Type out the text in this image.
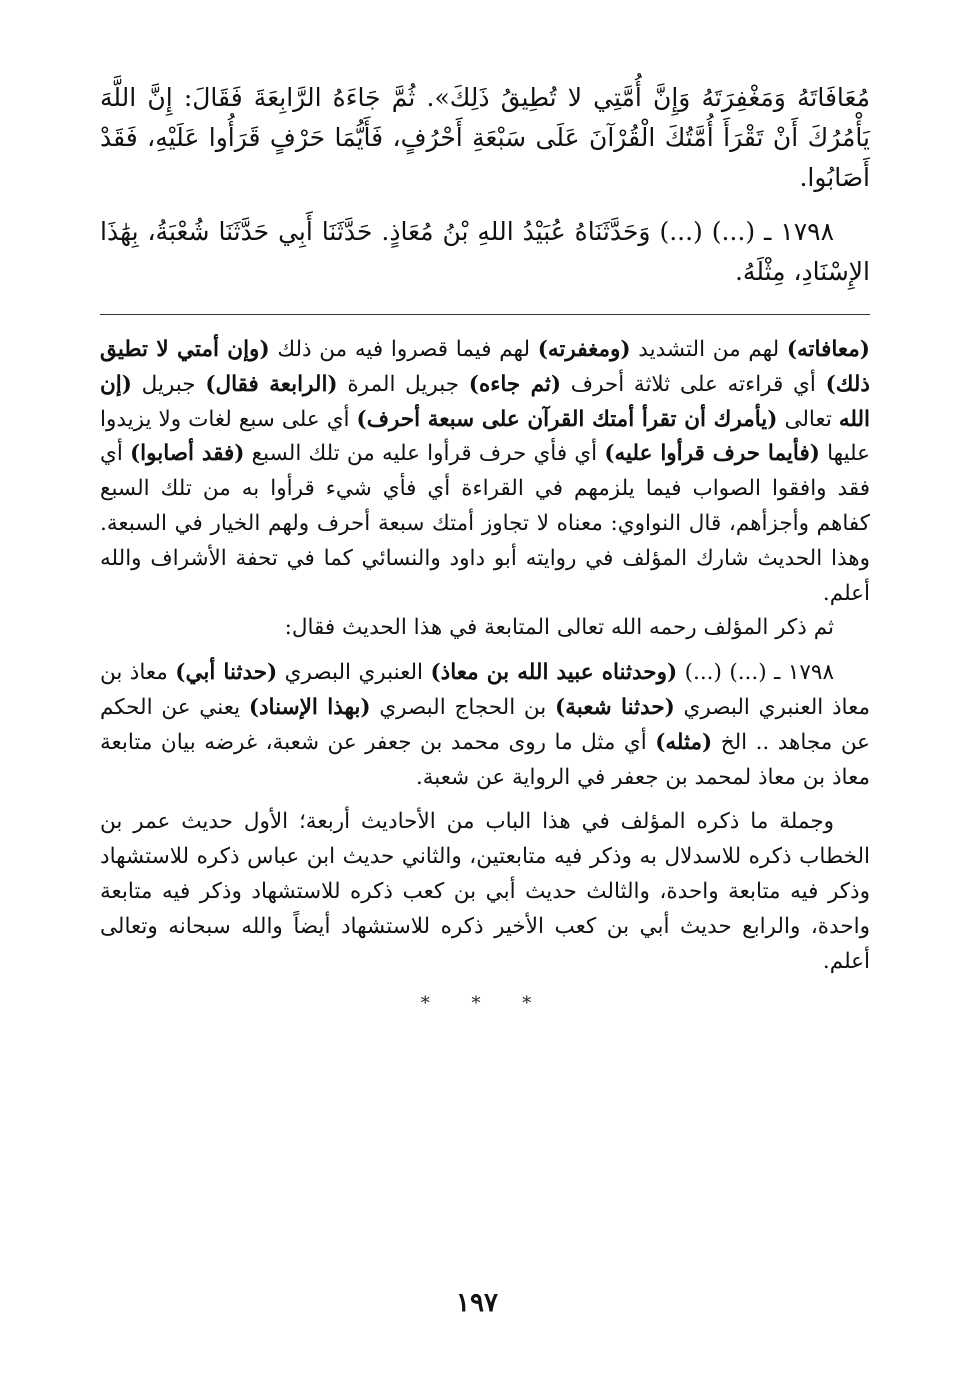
مُعَافَاتَهُ وَمَغْفِرَتَهُ وَإِنَّ أُمَّتِي لا تُطِيقُ ذَلِكَ». ثُمَّ جَاءَهُ الرَّابِعَةَ فَقَالَ: إِنَّ اللَّهَ يَأْمُرُكَ أَنْ تَقْرَأَ أُمَّتُكَ الْقُرْآنَ عَلَى سَبْعَةِ أَحْرُفٍ، فَأَيُّمَا حَرْفٍ قَرَأُوا عَلَيْهِ، فَقَدْ أَصَابُوا.

١٧٩٨ ـ (...) (...) وَحَدَّثَنَاهُ عُبَيْدُ اللهِ بْنُ مُعَاذٍ. حَدَّثَنَا أَبِي حَدَّثَنَا شُعْبَةُ، بِهَٰذَا الإِسْنَادِ، مِثْلَهُ.

(معافاته) لهم من التشديد (ومغفرته) لهم فيما قصروا فيه من ذلك (وإن أمتي لا تطيق ذلك) أي قراءته على ثلاثة أحرف (ثم جاءه) جبريل المرة (الرابعة فقال) جبريل (إن الله تعالى (يأمرك أن تقرأ أمتك القرآن على سبعة أحرف) أي على سبع لغات ولا يزيدوا عليها (فأيما حرف قرأوا عليه) أي فأي حرف قرأوا عليه من تلك السبع (فقد أصابوا) أي فقد وافقوا الصواب فيما يلزمهم في القراءة أي فأي شيء قرأوا به من تلك السبع كفاهم وأجزأهم، قال النواوي: معناه لا تجاوز أمتك سبعة أحرف ولهم الخيار في السبعة. وهذا الحديث شارك المؤلف في روايته أبو داود والنسائي كما في تحفة الأشراف والله أعلم.

ثم ذكر المؤلف رحمه الله تعالى المتابعة في هذا الحديث فقال:

١٧٩٨ ـ (...) (...) (وحدثناه عبيد الله بن معاذ) العنبري البصري (حدثنا أبي) معاذ بن معاذ العنبري البصري (حدثنا شعبة) بن الحجاج البصري (بهذا الإسناد) يعني عن الحكم عن مجاهد .. الخ (مثله) أي مثل ما روى محمد بن جعفر عن شعبة، غرضه بيان متابعة معاذ بن معاذ لمحمد بن جعفر في الرواية عن شعبة.

وجملة ما ذكره المؤلف في هذا الباب من الأحاديث أربعة؛ الأول حديث عمر بن الخطاب ذكره للاسدلال به وذكر فيه متابعتين، والثاني حديث ابن عباس ذكره للاستشهاد وذكر فيه متابعة واحدة، والثالث حديث أبي بن كعب ذكره للاستشهاد وذكر فيه متابعة واحدة، والرابع حديث أبي بن كعب الأخير ذكره للاستشهاد أيضاً والله سبحانه وتعالى أعلم.

* * *
١٩٧
